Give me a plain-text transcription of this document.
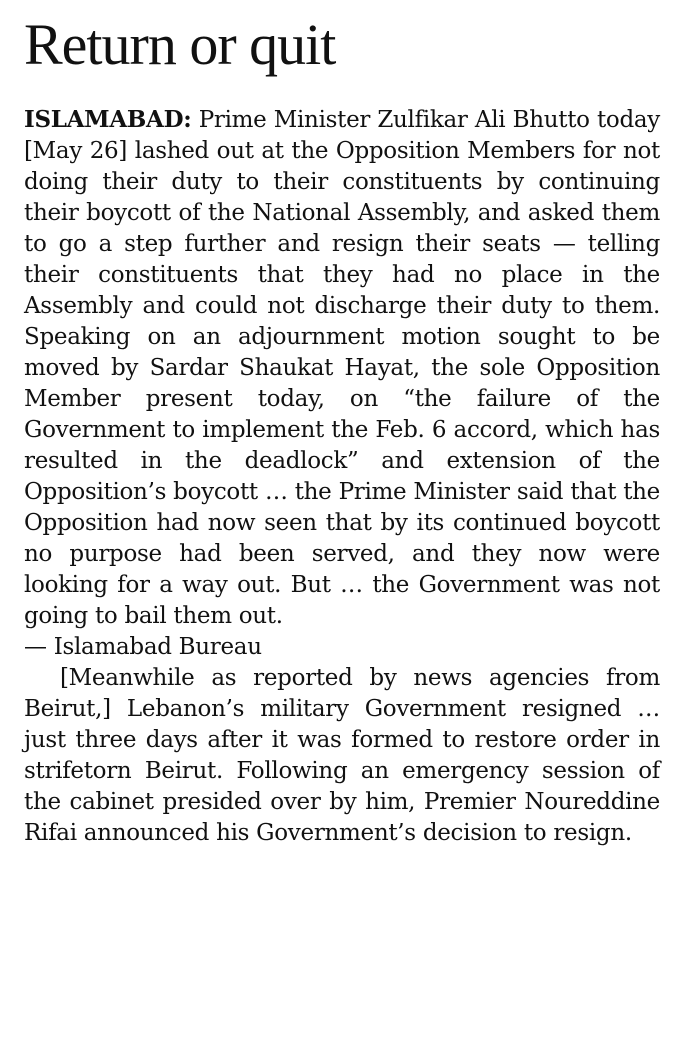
Return or quit

ISLAMABAD: Prime Minister Zulfikar Ali Bhutto today [May 26] lashed out at the Opposition Members for not doing their duty to their constituents by continuing their boycott of the National Assembly, and asked them to go a step further and resign their seats — telling their constituents that they had no place in the Assembly and could not discharge their duty to them. Speaking on an adjournment motion sought to be moved by Sardar Shaukat Hayat, the sole Opposition Member present today, on “the failure of the Government to implement the Feb. 6 accord, which has resulted in the deadlock” and extension of the Opposition’s boycott … the Prime Minister said that the Opposition had now seen that by its continued boycott no purpose had been served, and they now were looking for a way out. But … the Government was not going to bail them out.

— Islamabad Bureau

[Meanwhile as reported by news agencies from Beirut,] Lebanon’s military Government resigned … just three days after it was formed to restore order in strifetorn Beirut. Following an emergency session of the cabinet presided over by him, Premier Noureddine Rifai announced his Government’s decision to resign.
